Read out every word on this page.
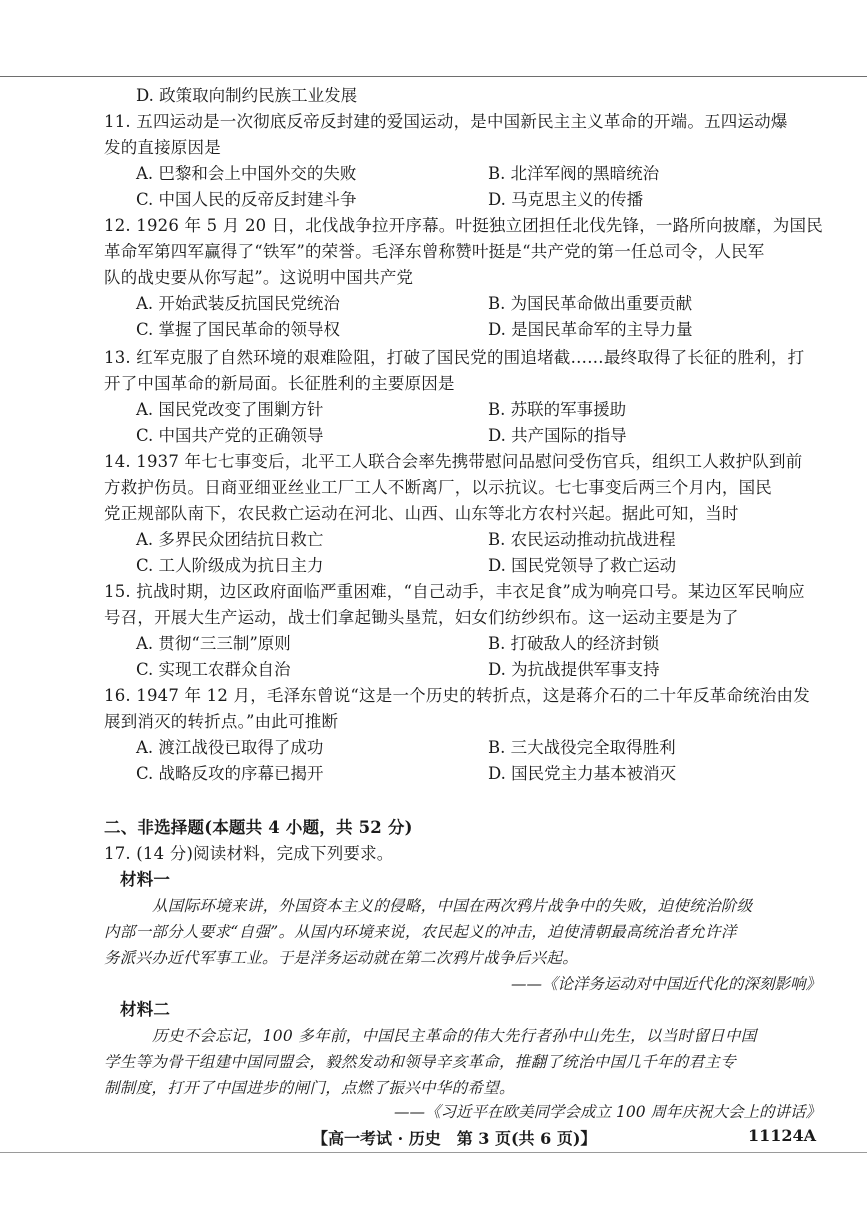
D. 政策取向制约民族工业发展
11. 五四运动是一次彻底反帝反封建的爱国运动，是中国新民主主义革命的开端。五四运动爆
发的直接原因是
A. 巴黎和会上中国外交的失败	B. 北洋军阀的黑暗统治
C. 中国人民的反帝反封建斗争	D. 马克思主义的传播
12. 1926 年 5 月 20 日，北伐战争拉开序幕。叶挺独立团担任北伐先锋，一路所向披靡，为国民
革命军第四军赢得了“铁军”的荣誉。毛泽东曾称赞叶挺是“共产党的第一任总司令，人民军
队的战史要从你写起”。这说明中国共产党
A. 开始武装反抗国民党统治	B. 为国民革命做出重要贡献
C. 掌握了国民革命的领导权	D. 是国民革命军的主导力量
13. 红军克服了自然环境的艰难险阻，打破了国民党的围追堵截……最终取得了长征的胜利，打
开了中国革命的新局面。长征胜利的主要原因是
A. 国民党改变了围剿方针	B. 苏联的军事援助
C. 中国共产党的正确领导	D. 共产国际的指导
14. 1937 年七七事变后，北平工人联合会率先携带慰问品慰问受伤官兵，组织工人救护队到前
方救护伤员。日商亚细亚丝业工厂工人不断离厂，以示抗议。七七事变后两三个月内，国民
党正规部队南下，农民救亡运动在河北、山西、山东等北方农村兴起。据此可知，当时
A. 多界民众团结抗日救亡	B. 农民运动推动抗战进程
C. 工人阶级成为抗日主力	D. 国民党领导了救亡运动
15. 抗战时期，边区政府面临严重困难，“自己动手，丰衣足食”成为响亮口号。某边区军民响应
号召，开展大生产运动，战士们拿起锄头垦荒，妇女们纺纱织布。这一运动主要是为了
A. 贯彻“三三制”原则	B. 打破敌人的经济封锁
C. 实现工农群众自治	D. 为抗战提供军事支持
16. 1947 年 12 月，毛泽东曾说“这是一个历史的转折点，这是蒋介石的二十年反革命统治由发
展到消灭的转折点。”由此可推断
A. 渡江战役已取得了成功	B. 三大战役完全取得胜利
C. 战略反攻的序幕已揭开	D. 国民党主力基本被消灭
二、非选择题(本题共 4 小题，共 52 分)
17. (14 分)阅读材料，完成下列要求。
材料一
从国际环境来讲，外国资本主义的侵略，中国在两次鸦片战争中的失败，迫使统治阶级
内部一部分人要求“自强”。从国内环境来说，农民起义的冲击，迫使清朝最高统治者允许洋
务派兴办近代军事工业。于是洋务运动就在第二次鸦片战争后兴起。
——《论洋务运动对中国近代化的深刻影响》
材料二
历史不会忘记，100 多年前，中国民主革命的伟大先行者孙中山先生，以当时留日中国
学生等为骨干组建中国同盟会，毅然发动和领导辛亥革命，推翻了统治中国几千年的君主专
制制度，打开了中国进步的闸门，点燃了振兴中华的希望。
——《习近平在欧美同学会成立 100 周年庆祝大会上的讲话》
【高一考试 · 历史　第 3 页(共 6 页)】	11124A
